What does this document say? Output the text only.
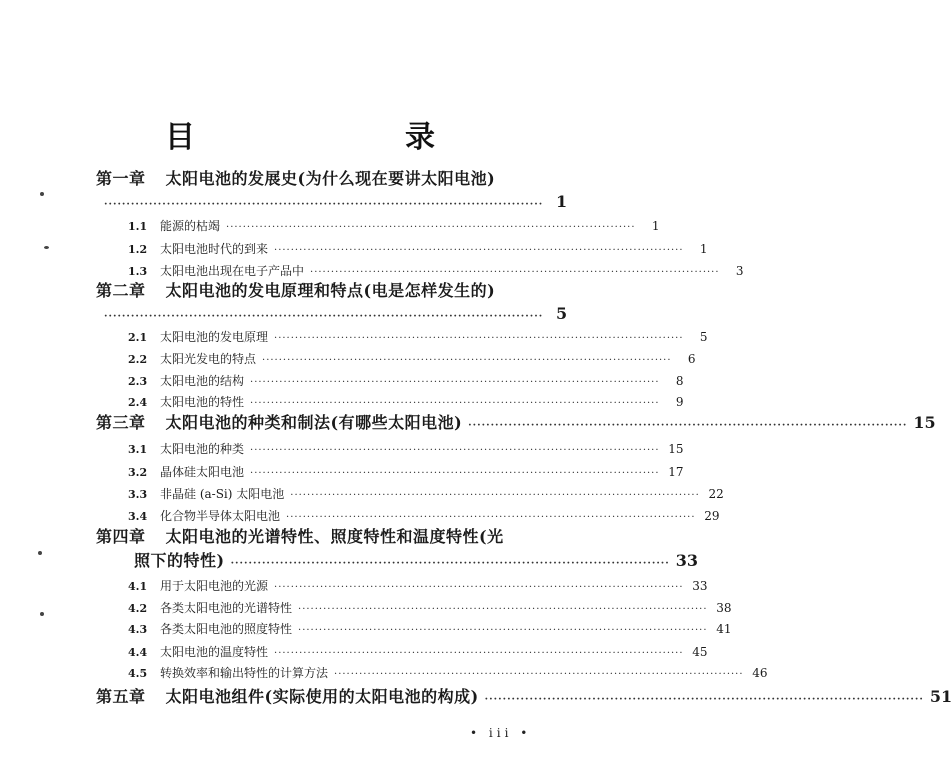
目　　录
第一章 太阳电池的发展史(为什么现在要讲太阳电池)
·································································································· 1
1.1 能源的枯竭 ··································································································	1
1.2 太阳电池时代的到来 ··································································································	1
1.3 太阳电池出现在电子产品中 ··································································································	3
第二章 太阳电池的发电原理和特点(电是怎样发生的)
·································································································· 5
2.1 太阳电池的发电原理 ··································································································	5
2.2 太阳光发电的特点 ··································································································	6
2.3 太阳电池的结构 ··································································································	8
2.4 太阳电池的特性 ··································································································	9
第三章 太阳电池的种类和制法(有哪些太阳电池) ·································································································· 15
3.1 太阳电池的种类 ·································································································· 15
3.2 晶体硅太阳电池 ·································································································· 17
3.3 非晶硅 (a-Si) 太阳电池 ·································································································· 22
3.4 化合物半导体太阳电池 ·································································································· 29
第四章 太阳电池的光谱特性、照度特性和温度特性(光
照下的特性) ·································································································· 33
4.1 用于太阳电池的光源 ·································································································· 33
4.2 各类太阳电池的光谱特性 ·································································································· 38
4.3 各类太阳电池的照度特性 ·································································································· 41
4.4 太阳电池的温度特性 ·································································································· 45
4.5 转换效率和输出特性的计算方法 ·································································································· 46
第五章 太阳电池组件(实际使用的太阳电池的构成) ·································································································· 51
• iii •
